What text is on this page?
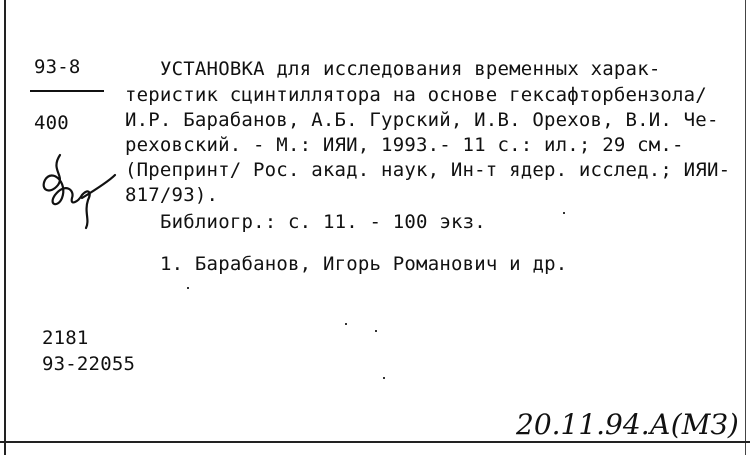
93-8
400
УСТАНОВКА для исследования временных харак-
теристик сцинтиллятора на основе гексафторбензола/
И.Р. Барабанов, А.Б. Гурский, И.В. Орехов, В.И. Че-
реховский. - М.: ИЯИ, 1993.- 11 с.: ил.; 29 см.-
(Препринт/ Рос. акад. наук, Ин-т ядер. исслед.; ИЯИ-
817/93).
Библиогр.: с. 11. - 100 экз.
1. Барабанов, Игорь Романович и др.
2181
93-22055
20.11.94.А(МЗ)
